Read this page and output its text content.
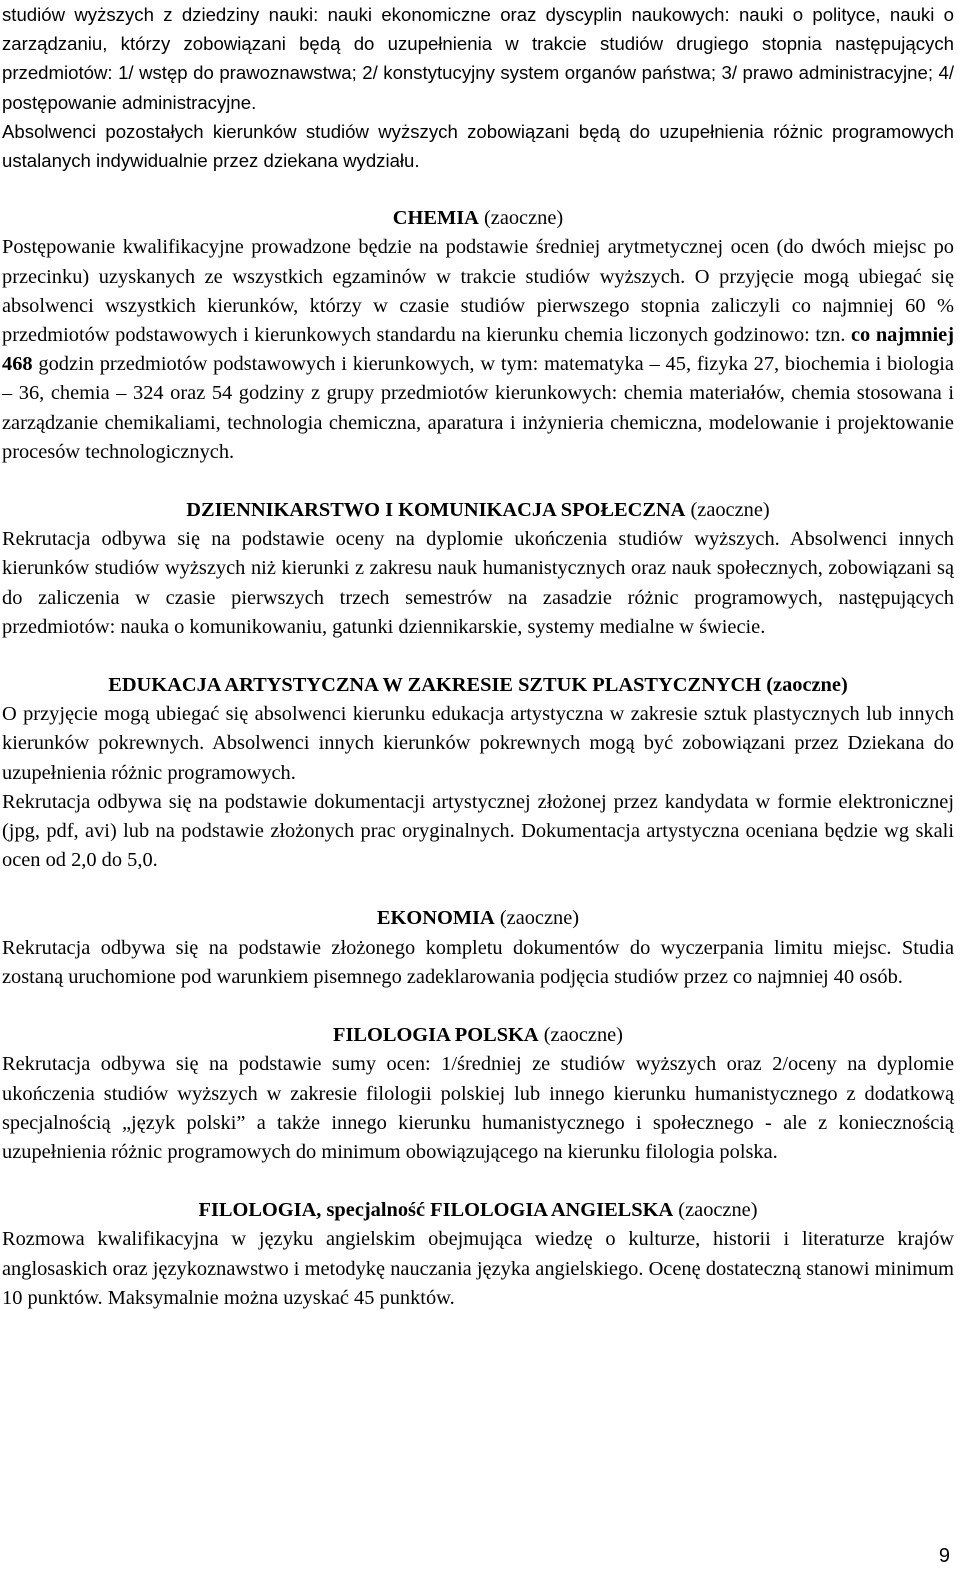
studiów wyższych z dziedziny nauki: nauki ekonomiczne oraz dyscyplin naukowych: nauki o polityce, nauki o zarządzaniu, którzy zobowiązani będą do uzupełnienia w trakcie studiów drugiego stopnia następujących przedmiotów: 1/ wstęp do prawoznawstwa; 2/ konstytucyjny system organów państwa; 3/ prawo administracyjne; 4/ postępowanie administracyjne.

Absolwenci pozostałych kierunków studiów wyższych zobowiązani będą do uzupełnienia różnic programowych ustalanych indywidualnie przez dziekana wydziału.

CHEMIA (zaoczne)

Postępowanie kwalifikacyjne prowadzone będzie na podstawie średniej arytmetycznej ocen (do dwóch miejsc po przecinku) uzyskanych ze wszystkich egzaminów w trakcie studiów wyższych. O przyjęcie mogą ubiegać się absolwenci wszystkich kierunków, którzy w czasie studiów pierwszego stopnia zaliczyli co najmniej 60 % przedmiotów podstawowych i kierunkowych standardu na kierunku chemia liczonych godzinowo: tzn. co najmniej 468 godzin przedmiotów podstawowych i kierunkowych, w tym: matematyka – 45, fizyka 27, biochemia i biologia – 36, chemia – 324 oraz 54 godziny z grupy przedmiotów kierunkowych: chemia materiałów, chemia stosowana i zarządzanie chemikaliami, technologia chemiczna, aparatura i inżynieria chemiczna, modelowanie i projektowanie procesów technologicznych.

DZIENNIKARSTWO I KOMUNIKACJA SPOŁECZNA (zaoczne)

Rekrutacja odbywa się na podstawie oceny na dyplomie ukończenia studiów wyższych. Absolwenci innych kierunków studiów wyższych niż kierunki z zakresu nauk humanistycznych oraz nauk społecznych, zobowiązani są do zaliczenia w czasie pierwszych trzech semestrów na zasadzie różnic programowych, następujących przedmiotów: nauka o komunikowaniu, gatunki dziennikarskie, systemy medialne w świecie.

EDUKACJA ARTYSTYCZNA W ZAKRESIE SZTUK PLASTYCZNYCH (zaoczne)

O przyjęcie mogą ubiegać się absolwenci kierunku edukacja artystyczna w zakresie sztuk plastycznych lub innych kierunków pokrewnych. Absolwenci innych kierunków pokrewnych mogą być zobowiązani przez Dziekana do uzupełnienia różnic programowych.

Rekrutacja odbywa się na podstawie dokumentacji artystycznej złożonej przez kandydata w formie elektronicznej (jpg, pdf, avi) lub na podstawie złożonych prac oryginalnych. Dokumentacja artystyczna oceniana będzie wg skali ocen od 2,0 do 5,0.

EKONOMIA (zaoczne)

Rekrutacja odbywa się na podstawie złożonego kompletu dokumentów do wyczerpania limitu miejsc. Studia zostaną uruchomione pod warunkiem pisemnego zadeklarowania podjęcia studiów przez co najmniej 40 osób.

FILOLOGIA POLSKA (zaoczne)

Rekrutacja odbywa się na podstawie sumy ocen: 1/średniej ze studiów wyższych oraz 2/oceny na dyplomie ukończenia studiów wyższych w zakresie filologii polskiej lub innego kierunku humanistycznego z dodatkową specjalnością „język polski” a także innego kierunku humanistycznego i społecznego - ale z koniecznością uzupełnienia różnic programowych do minimum obowiązującego na kierunku filologia polska.

FILOLOGIA, specjalność FILOLOGIA ANGIELSKA (zaoczne)

Rozmowa kwalifikacyjna w języku angielskim obejmująca wiedzę o kulturze, historii i literaturze krajów anglosaskich oraz językoznawstwo i metodykę nauczania języka angielskiego. Ocenę dostateczną stanowi minimum 10 punktów. Maksymalnie można uzyskać 45 punktów.

9
